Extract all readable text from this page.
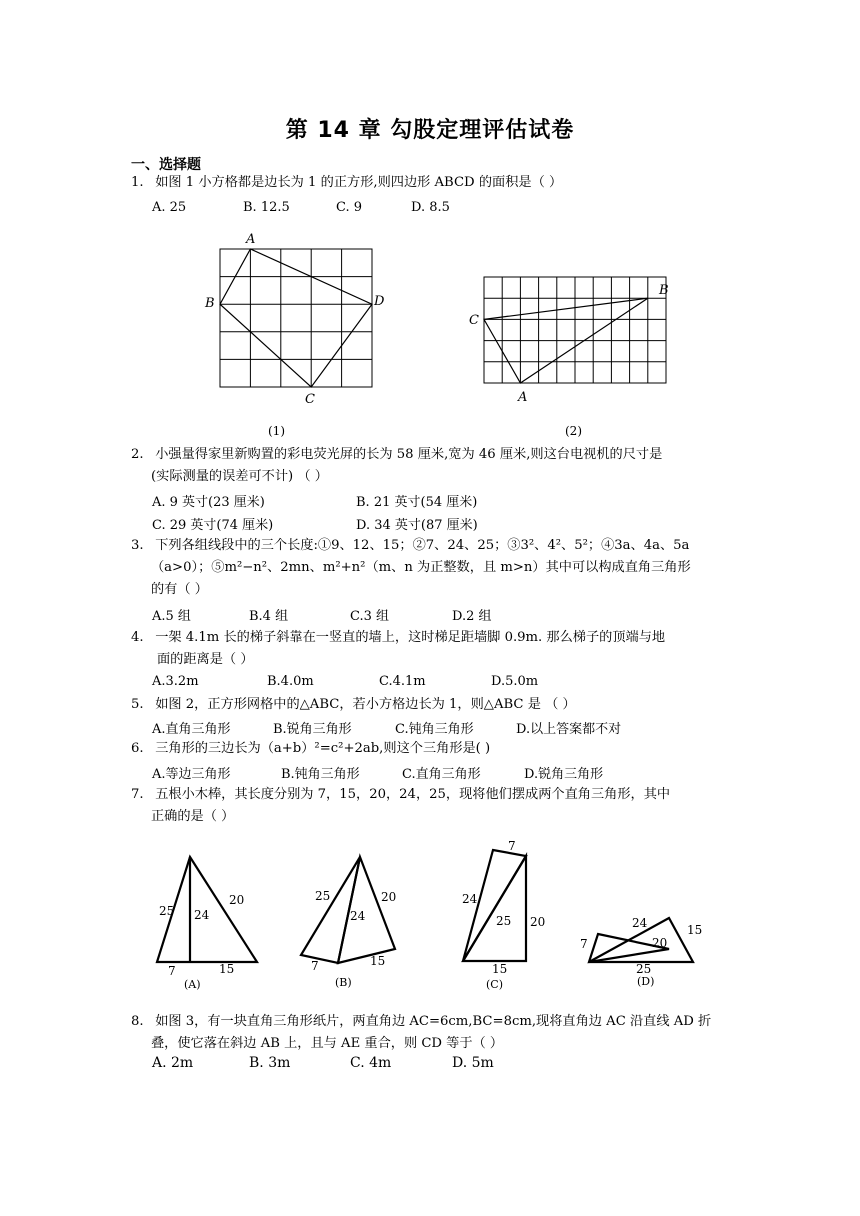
第 14 章 勾股定理评估试卷
一、选择题
1. 如图 1 小方格都是边长为 1 的正方形,则四边形 ABCD 的面积是（ ）
A. 25	B. 12.5	C. 9	D. 8.5
A
B
C
D
(1)
A
B
C
(2)
2. 小强量得家里新购置的彩电荧光屏的长为 58 厘米,宽为 46 厘米,则这台电视机的尺寸是
(实际测量的误差可不计) （ ）
A. 9 英寸(23 厘米)	B. 21 英寸(54 厘米)
C. 29 英寸(74 厘米)	D. 34 英寸(87 厘米)
3. 下列各组线段中的三个长度:①9、12、15；②7、24、25；③3²、4²、5²；④3a、4a、5a
（a>0）；⑤m²−n²、2mn、m²+n²（m、n 为正整数，且 m>n）其中可以构成直角三角形
的有（ ）
A.5 组	B.4 组	C.3 组	D.2 组
4. 一架 4.1m 长的梯子斜靠在一竖直的墙上，这时梯足距墙脚 0.9m. 那么梯子的顶端与地
面的距离是（ ）
A.3.2m	B.4.0m	C.4.1m	D.5.0m
5. 如图 2，正方形网格中的△ABC，若小方格边长为 1，则△ABC 是 （ ）
A.直角三角形	B.锐角三角形	C.钝角三角形	D.以上答案都不对
6. 三角形的三边长为（a+b）²=c²+2ab,则这个三角形是( )
A.等边三角形	B.钝角三角形	C.直角三角形	D.锐角三角形
7. 五根小木棒，其长度分别为 7，15，20，24，25，现将他们摆成两个直角三角形，其中
正确的是（ ）
25 24
20
7	15
(A)
25
24
20
7	15
(B)
7
24
25 20
15
(C)
24	15
7	20
25
(D)
8. 如图 3，有一块直角三角形纸片，两直角边 AC=6cm,BC=8cm,现将直角边 AC 沿直线 AD 折
叠，使它落在斜边 AB 上，且与 AE 重合，则 CD 等于（ ）
A. 2m	B. 3m	C. 4m	D. 5m
